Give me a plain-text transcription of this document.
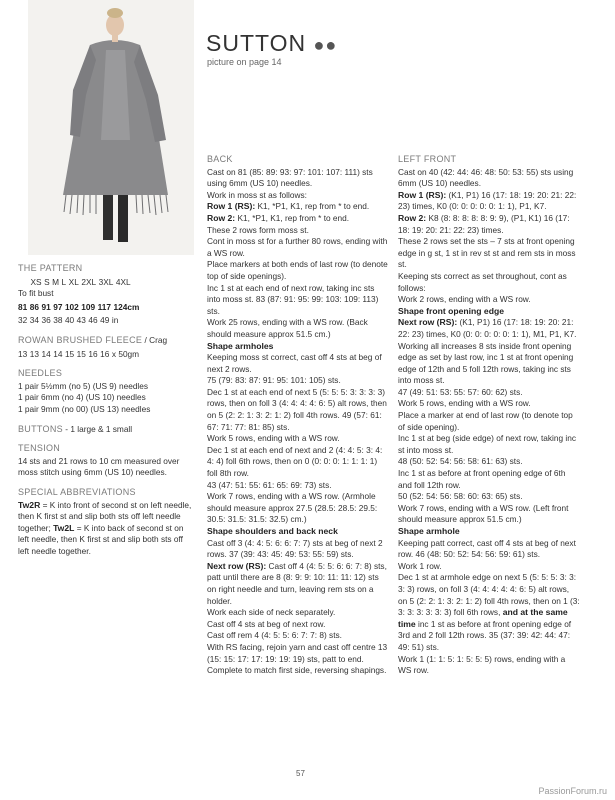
SUTTON ●●
picture on page 14

THE PATTERN

	XS	S	M	L	XL	2XL	3XL	4XL

To fit bust

81	86	91	97	102	109	117	124cm
32	34	36	38	40	43	46	49	in

ROWAN BRUSHED FLEECE / Crag

13	13	14	14	15	15	16	16	x 50gm

NEEDLES

1 pair 5½mm (no 5) (US 9) needles

1 pair 6mm (no 4) (US 10) needles

1 pair 9mm (no 00) (US 13) needles

BUTTONS - 1 large & 1 small

TENSION

14 sts and 21 rows to 10 cm measured over moss stitch using 6mm (US 10) needles.

SPECIAL ABBREVIATIONS

Tw2R = K into front of second st on left needle, then K first st and slip both sts off left needle together; Tw2L = K into back of second st on left needle, then K first st and slip both sts off left needle together.

BACK

Cast on 81 (85: 89: 93: 97: 101: 107: 111) sts using 6mm (US 10) needles.

Work in moss st as follows:

Row 1 (RS): K1, *P1, K1, rep from * to end.

Row 2: K1, *P1, K1, rep from * to end.

These 2 rows form moss st.

Cont in moss st for a further 80 rows, ending with a WS row.

Place markers at both ends of last row (to denote top of side openings).

Inc 1 st at each end of next row, taking inc sts into moss st. 83 (87: 91: 95: 99: 103: 109: 113) sts.

Work 25 rows, ending with a WS row. (Back should measure approx 51.5 cm.)

Shape armholes

Keeping moss st correct, cast off 4 sts at beg of next 2 rows.

75 (79: 83: 87: 91: 95: 101: 105) sts.

Dec 1 st at each end of next 5 (5: 5: 5: 3: 3: 3: 3) rows, then on foll 3 (4: 4: 4: 4: 6: 5) alt rows, then on 5 (2: 2: 1: 3: 2: 1: 2) foll 4th rows. 49 (57: 61: 67: 71: 77: 81: 85) sts.

Work 5 rows, ending with a WS row.

Dec 1 st at each end of next and 2 (4: 4: 5: 3: 4: 4: 4) foll 6th rows, then on 0 (0: 0: 0: 1: 1: 1: 1) foll 8th row.

43 (47: 51: 55: 61: 65: 69: 73) sts.

Work 7 rows, ending with a WS row. (Armhole should measure approx 27.5 (28.5: 28.5: 29.5: 30.5: 31.5: 31.5: 32.5) cm.)

Shape shoulders and back neck

Cast off 3 (4: 4: 5: 6: 6: 7: 7) sts at beg of next 2 rows. 37 (39: 43: 45: 49: 53: 55: 59) sts.

Next row (RS): Cast off 4 (4: 5: 5: 6: 6: 7: 8) sts, patt until there are 8 (8: 9: 9: 10: 11: 11: 12) sts on right needle and turn, leaving rem sts on a holder.

Work each side of neck separately.

Cast off 4 sts at beg of next row.

Cast off rem 4 (4: 5: 5: 6: 7: 7: 8) sts.

With RS facing, rejoin yarn and cast off centre 13 (15: 15: 17: 17: 19: 19: 19) sts, patt to end.

Complete to match first side, reversing shapings.

LEFT FRONT

Cast on 40 (42: 44: 46: 48: 50: 53: 55) sts using 6mm (US 10) needles.

Row 1 (RS): (K1, P1) 16 (17: 18: 19: 20: 21: 22: 23) times, K0 (0: 0: 0: 0: 0: 1: 1), P1, K7.

Row 2: K8 (8: 8: 8: 8: 8: 9: 9), (P1, K1) 16 (17: 18: 19: 20: 21: 22: 23) times.

These 2 rows set the sts – 7 sts at front opening edge in g st, 1 st in rev st st and rem sts in moss st.

Keeping sts correct as set throughout, cont as follows:

Work 2 rows, ending with a WS row.

Shape front opening edge

Next row (RS): (K1, P1) 16 (17: 18: 19: 20: 21: 22: 23) times, K0 (0: 0: 0: 0: 0: 1: 1), M1, P1, K7.

Working all increases 8 sts inside front opening edge as set by last row, inc 1 st at front opening edge of 12th and 5 foll 12th rows, taking inc sts into moss st.

47 (49: 51: 53: 55: 57: 60: 62) sts.

Work 5 rows, ending with a WS row.

Place a marker at end of last row (to denote top of side opening).

Inc 1 st at beg (side edge) of next row, taking inc st into moss st.

48 (50: 52: 54: 56: 58: 61: 63) sts.

Inc 1 st as before at front opening edge of 6th and foll 12th row.

50 (52: 54: 56: 58: 60: 63: 65) sts.

Work 7 rows, ending with a WS row. (Left front should measure approx 51.5 cm.)

Shape armhole

Keeping patt correct, cast off 4 sts at beg of next row. 46 (48: 50: 52: 54: 56: 59: 61) sts.

Work 1 row.

Dec 1 st at armhole edge on next 5 (5: 5: 5: 3: 3: 3: 3) rows, on foll 3 (4: 4: 4: 4: 4: 6: 5) alt rows, on 5 (2: 2: 1: 3: 2: 1: 2) foll 4th rows, then on 1 (3: 3: 3: 3: 3: 3: 3) foll 6th rows, and at the same time inc 1 st as before at front opening edge of 3rd and 2 foll 12th rows. 35 (37: 39: 42: 44: 47: 49: 51) sts.

Work 1 (1: 1: 5: 1: 5: 5: 5) rows, ending with a WS row.

57
PassionForum.ru
